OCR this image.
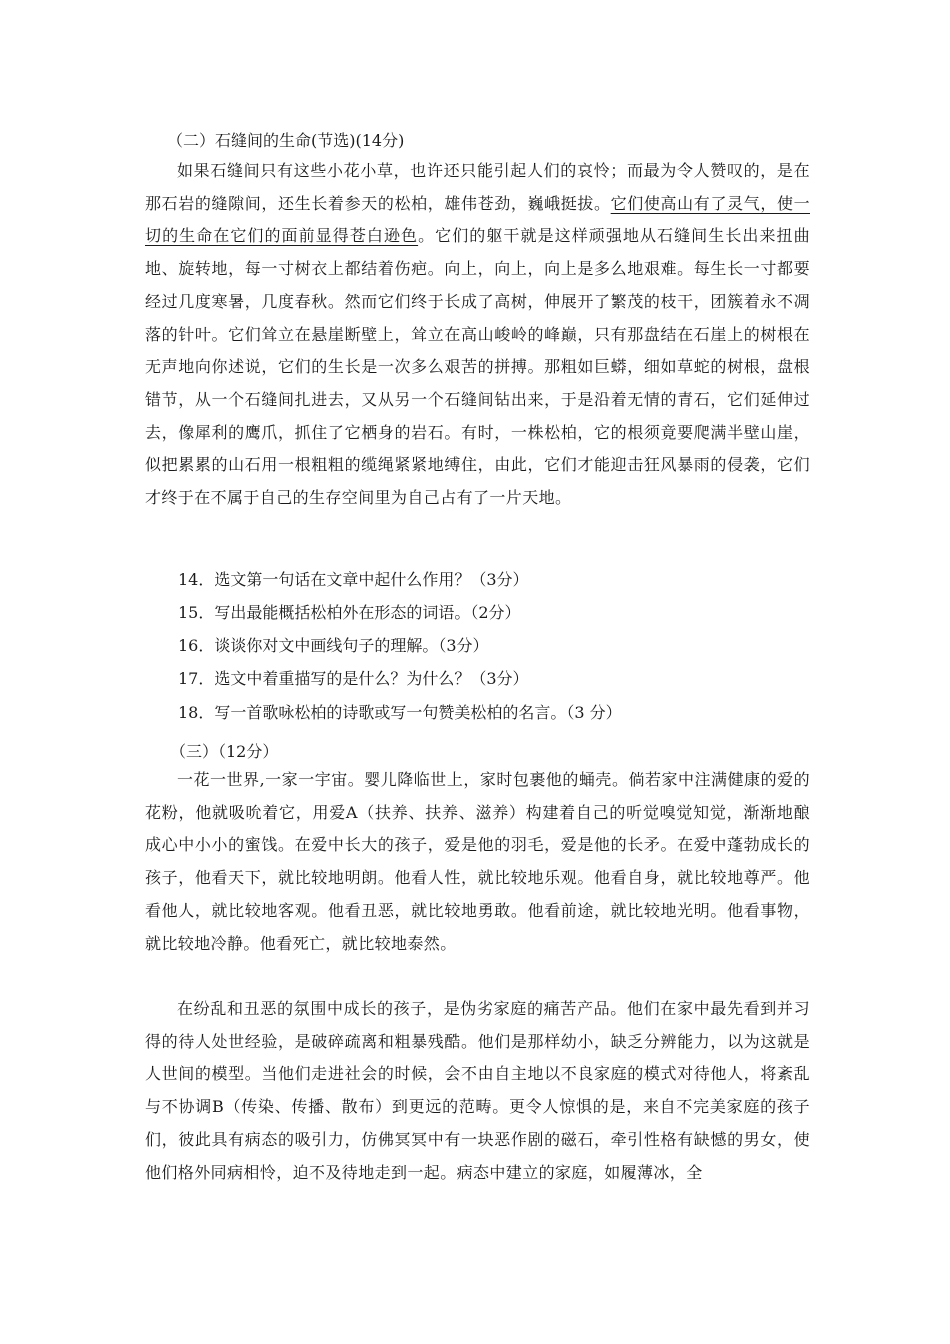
（二）石缝间的生命(节选)(14分)
如果石缝间只有这些小花小草，也许还只能引起人们的哀怜；而最为令人赞叹的，是在那石岩的缝隙间，还生长着参天的松柏，雄伟苍劲，巍峨挺拔。它们使高山有了灵气，使一切的生命在它们的面前显得苍白逊色。它们的躯干就是这样顽强地从石缝间生长出来扭曲地、旋转地，每一寸树衣上都结着伤疤。向上，向上，向上是多么地艰难。每生长一寸都要经过几度寒暑，几度春秋。然而它们终于长成了高树，伸展开了繁茂的枝干，团簇着永不凋落的针叶。它们耸立在悬崖断壁上，耸立在高山峻岭的峰巅，只有那盘结在石崖上的树根在无声地向你述说，它们的生长是一次多么艰苦的拼搏。那粗如巨蟒，细如草蛇的树根，盘根错节，从一个石缝间扎进去，又从另一个石缝间钻出来，于是沿着无情的青石，它们延伸过去，像犀利的鹰爪，抓住了它栖身的岩石。有时，一株松柏，它的根须竟要爬满半壁山崖，似把累累的山石用一根粗粗的缆绳紧紧地缚住，由此，它们才能迎击狂风暴雨的侵袭，它们才终于在不属于自己的生存空间里为自己占有了一片天地。
14．选文第一句话在文章中起什么作用？（3分）
15．写出最能概括松柏外在形态的词语。（2分）
16．谈谈你对文中画线句子的理解。（3分）
17．选文中着重描写的是什么？为什么？（3分）
18．写一首歌咏松柏的诗歌或写一句赞美松柏的名言。（3 分）
（三）（12分）
一花一世界,一家一宇宙。婴儿降临世上，家时包裹他的蛹壳。倘若家中注满健康的爱的花粉，他就吸吮着它，用爱A（扶养、扶养、滋养）构建着自己的听觉嗅觉知觉，渐渐地酿成心中小小的蜜饯。在爱中长大的孩子，爱是他的羽毛，爱是他的长矛。在爱中蓬勃成长的孩子，他看天下，就比较地明朗。他看人性，就比较地乐观。他看自身，就比较地尊严。他看他人，就比较地客观。他看丑恶，就比较地勇敢。他看前途，就比较地光明。他看事物，就比较地冷静。他看死亡，就比较地泰然。
在纷乱和丑恶的氛围中成长的孩子，是伪劣家庭的痛苦产品。他们在家中最先看到并习得的待人处世经验，是破碎疏离和粗暴残酷。他们是那样幼小，缺乏分辨能力，以为这就是人世间的模型。当他们走进社会的时候，会不由自主地以不良家庭的模式对待他人，将紊乱与不协调B（传染、传播、散布）到更远的范畴。更令人惊惧的是，来自不完美家庭的孩子们，彼此具有病态的吸引力，仿佛冥冥中有一块恶作剧的磁石，牵引性格有缺憾的男女，使他们格外同病相怜，迫不及待地走到一起。病态中建立的家庭，如履薄冰，全
